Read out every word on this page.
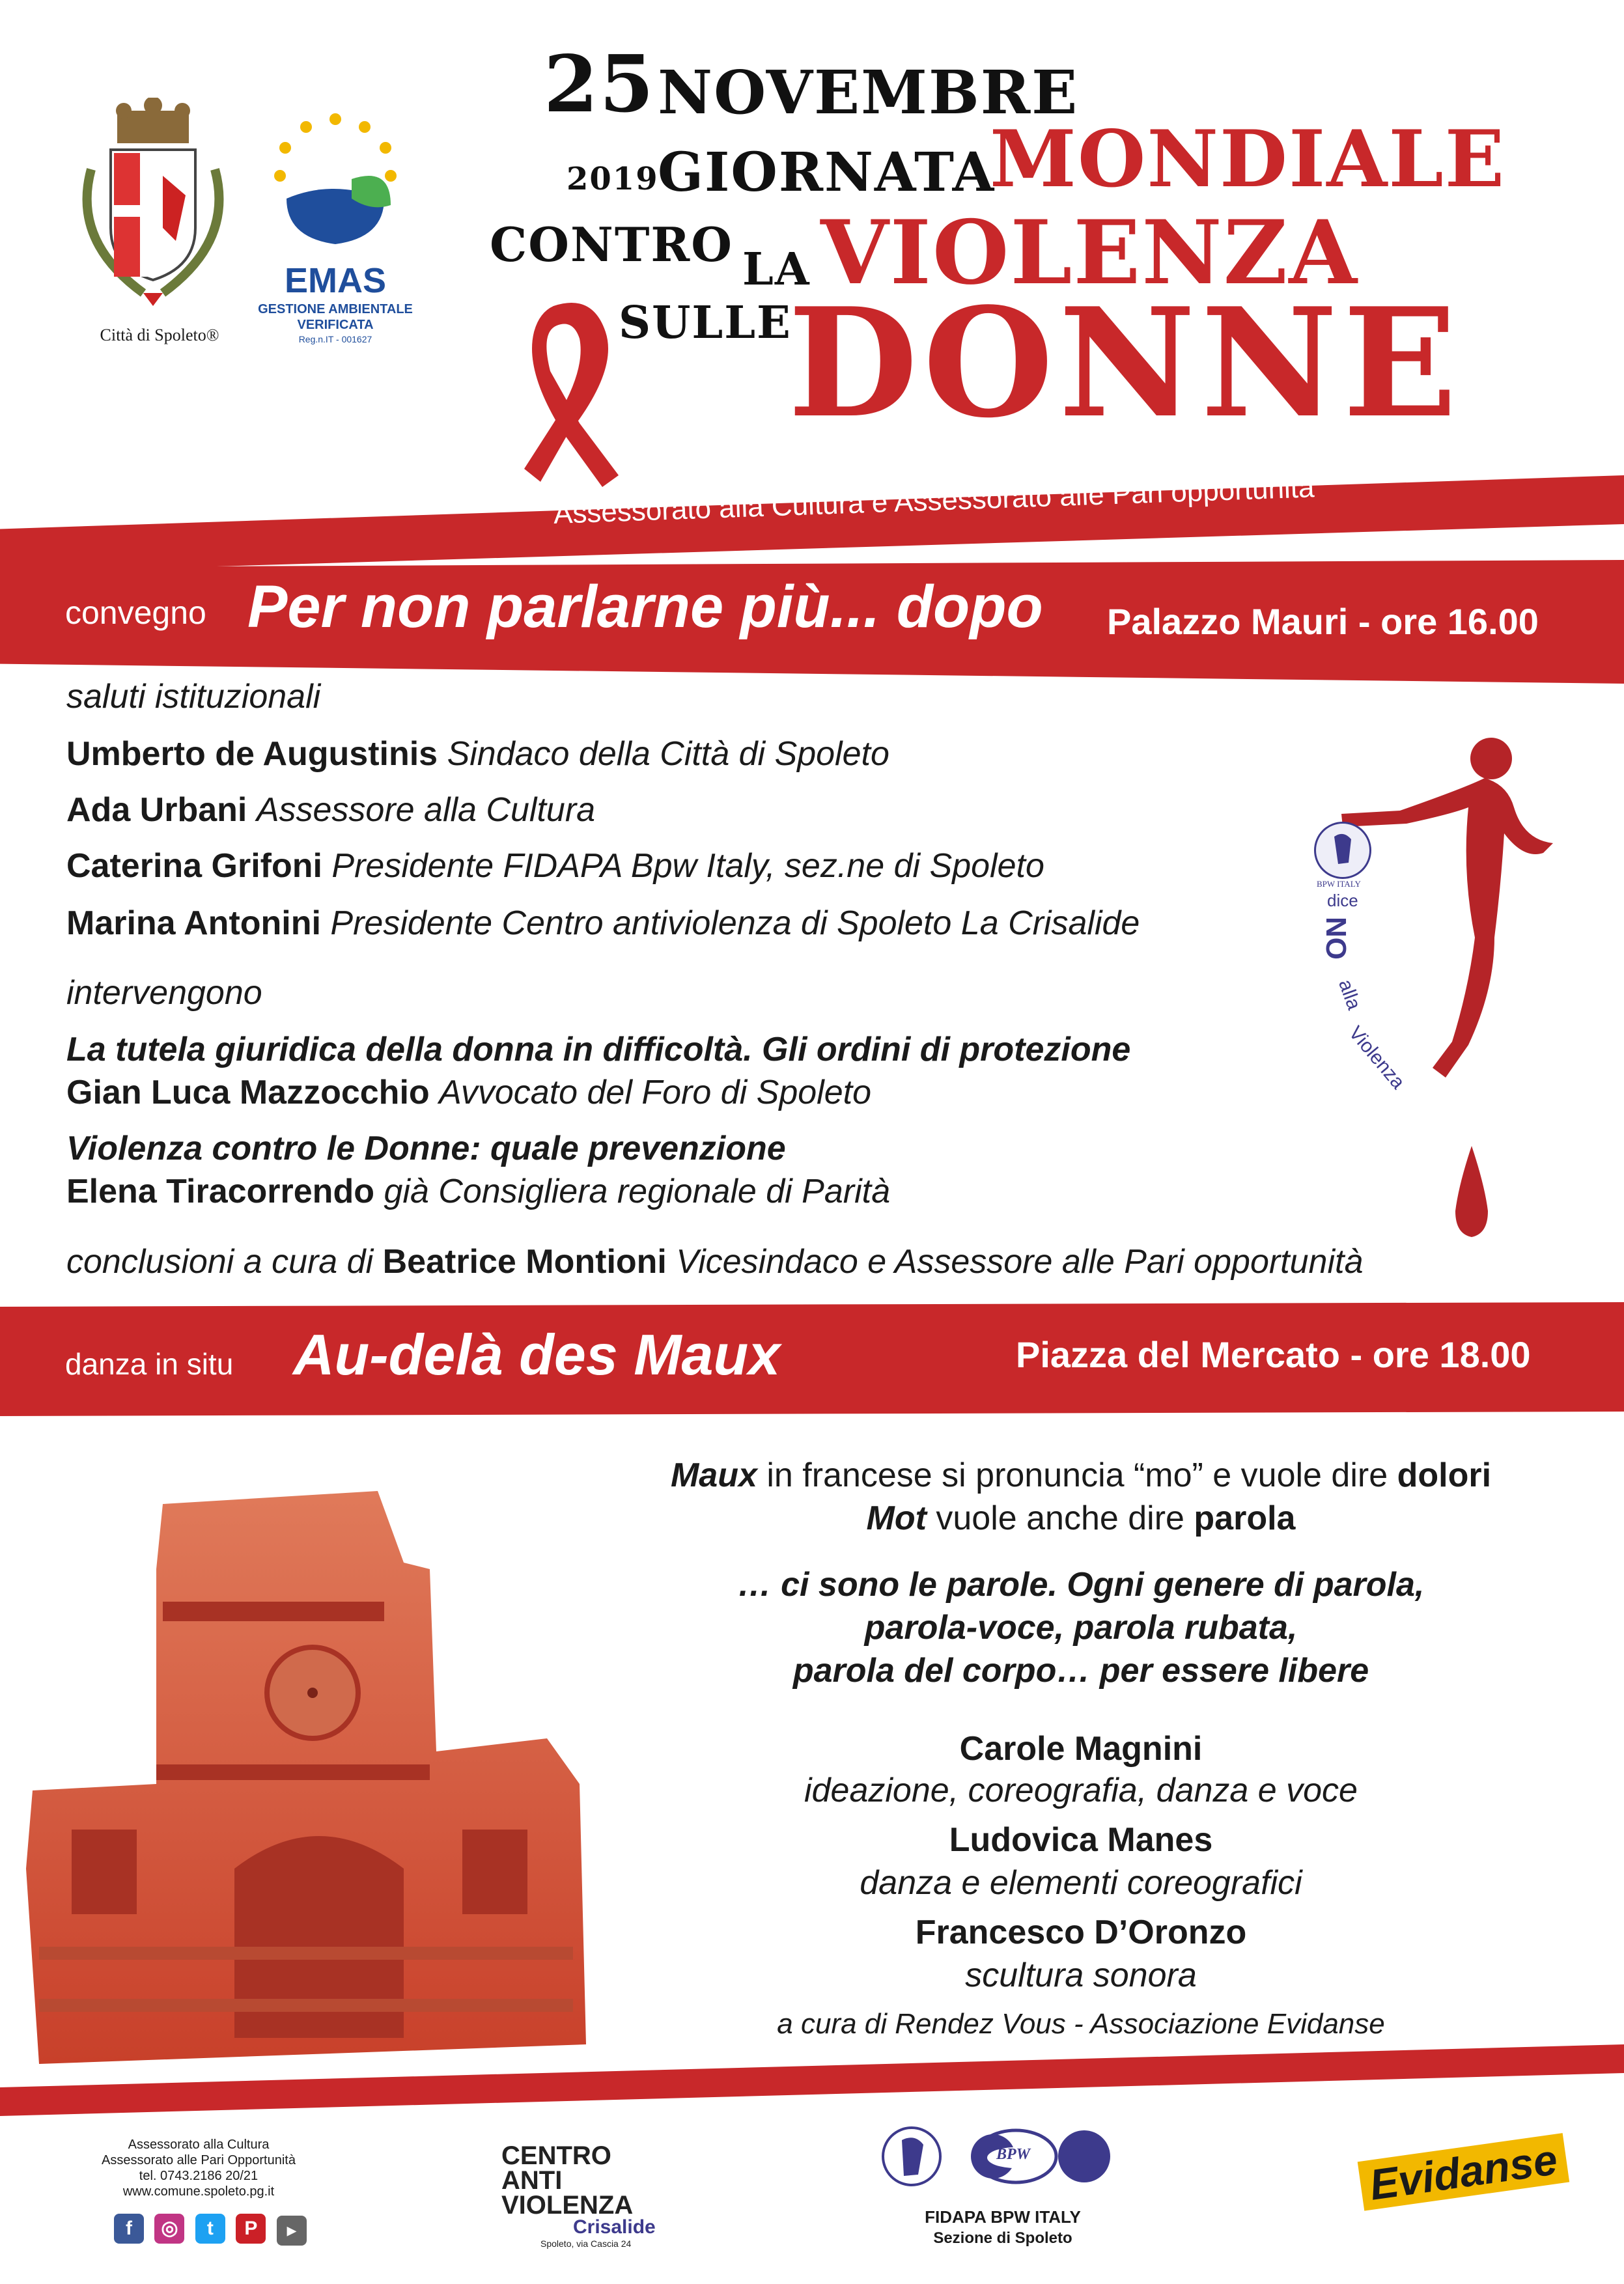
Città di Spoleto®
EMAS
GESTIONE AMBIENTALE
VERIFICATA
Reg.n.IT - 001627
25 NOVEMBRE
2019
GIORNATA
MONDIALE
CONTRO LA VIOLENZA
SULLE
DONNE
Assessorato alla Cultura e Assessorato alle Pari opportunità
convegno Per non parlarne più... dopo Palazzo Mauri - ore 16.00
saluti istituzionali
Umberto de Augustinis Sindaco della Città di Spoleto
Ada Urbani Assessore alla Cultura
Caterina Grifoni Presidente FIDAPA Bpw Italy, sez.ne di Spoleto
Marina Antonini Presidente Centro antiviolenza di Spoleto La Crisalide
intervengono
La tutela giuridica della donna in difficoltà. Gli ordini di protezione
Gian Luca Mazzocchio Avvocato del Foro di Spoleto
Violenza contro le Donne: quale prevenzione
Elena Tiracorrendo già Consigliera regionale di Parità
conclusioni a cura di Beatrice Montioni Vicesindaco e Assessore alle Pari opportunità
BPW ITALY
dice
NO
alla
Violenza
danza in situ Au-delà des Maux	Piazza del Mercato - ore 18.00
Maux in francese si pronuncia “mo” e vuole dire dolori
Mot vuole anche dire parola
… ci sono le parole. Ogni genere di parola,
parola-voce, parola rubata,
parola del corpo… per essere libere
Carole Magnini
ideazione, coreografia, danza e voce
Ludovica Manes
danza e elementi coreografici
Francesco D’Oronzo
scultura sonora
a cura di Rendez Vous - Associazione Evidanse
Assessorato alla Cultura
Assessorato alle Pari Opportunità
tel. 0743.2186 20/21
www.comune.spoleto.pg.it
f ◎ t P	▶
CENTRO
ANTI
VIOLENZA
Crisalide
Spoleto, via Cascia 24
BPW
FIDAPA BPW ITALY
Sezione di Spoleto
Evidanse
